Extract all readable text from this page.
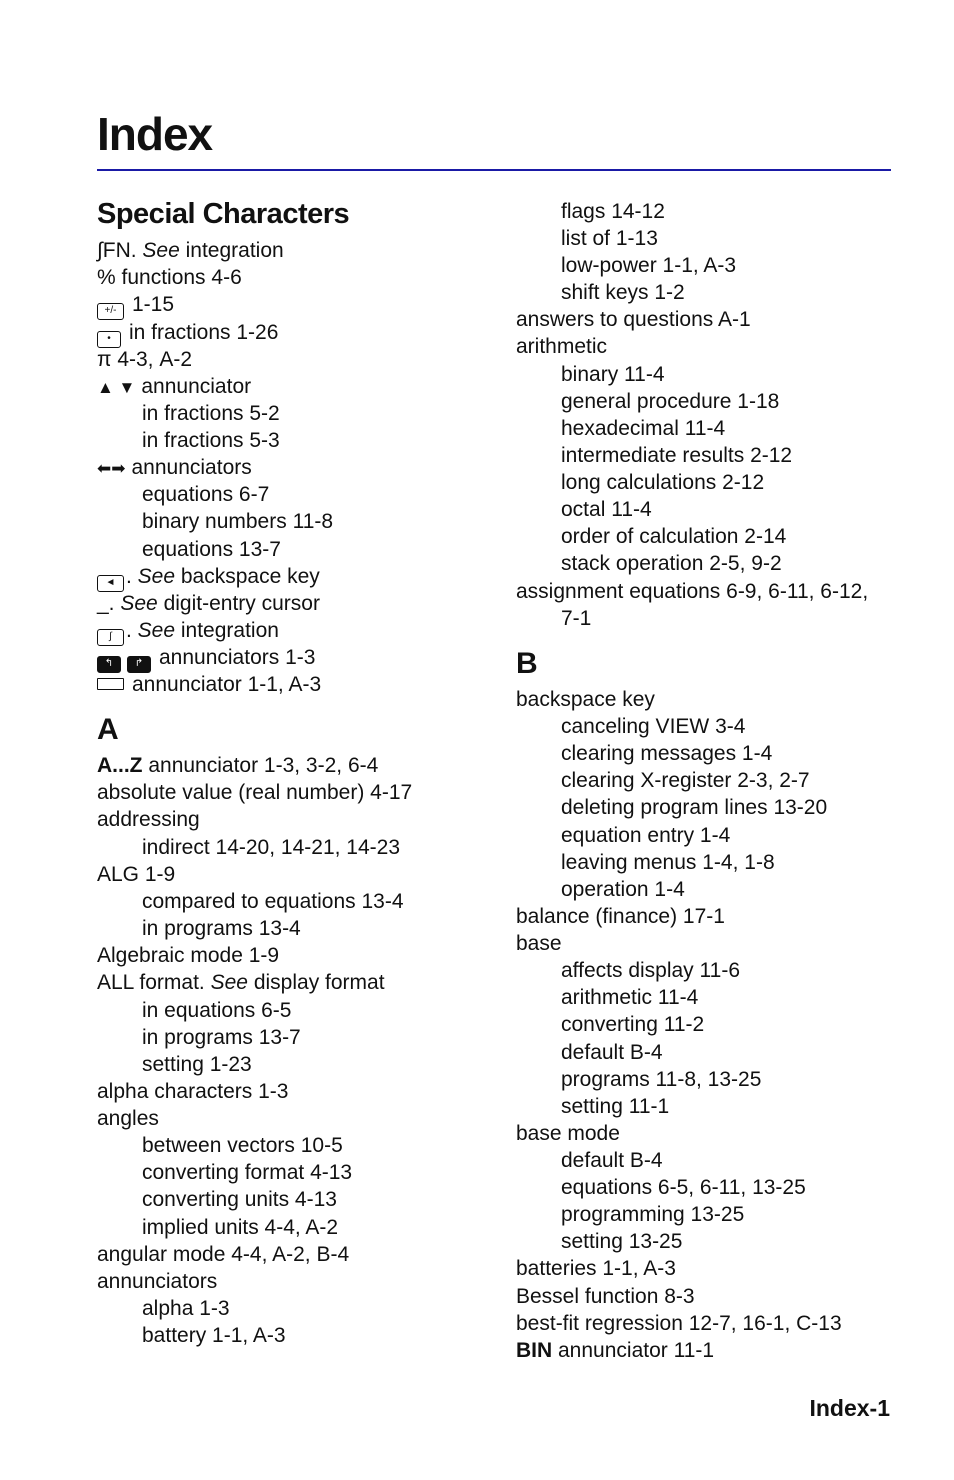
Index
Special Characters
∫FN. See integration
% functions 4-6
+/- 1-15
• in fractions 1-26
π 4-3, A-2
▲ ▼ annunciator
in fractions 5-2
in fractions 5-3
⬅➡ annunciators
equations 6-7
binary numbers 11-8
equations 13-7
◄ . See backspace key
_. See digit-entry cursor
∫ . See integration
↰ ↱ annunciators 1-3
annunciator 1-1, A-3
A
A...Z annunciator 1-3, 3-2, 6-4
absolute value (real number) 4-17
addressing
indirect 14-20, 14-21, 14-23
ALG 1-9
compared to equations 13-4
in programs 13-4
Algebraic mode 1-9
ALL format. See display format
in equations 6-5
in programs 13-7
setting 1-23
alpha characters 1-3
angles
between vectors 10-5
converting format 4-13
converting units 4-13
implied units 4-4, A-2
angular mode 4-4, A-2, B-4
annunciators
alpha 1-3
battery 1-1, A-3
flags 14-12
list of 1-13
low-power 1-1, A-3
shift keys 1-2
answers to questions A-1
arithmetic
binary 11-4
general procedure 1-18
hexadecimal 11-4
intermediate results 2-12
long calculations 2-12
octal 11-4
order of calculation 2-14
stack operation 2-5, 9-2
assignment equations 6-9, 6-11, 6-12,
7-1
B
backspace key
canceling VIEW 3-4
clearing messages 1-4
clearing X-register 2-3, 2-7
deleting program lines 13-20
equation entry 1-4
leaving menus 1-4, 1-8
operation 1-4
balance (finance) 17-1
base
affects display 11-6
arithmetic 11-4
converting 11-2
default B-4
programs 11-8, 13-25
setting 11-1
base mode
default B-4
equations 6-5, 6-11, 13-25
programming 13-25
setting 13-25
batteries 1-1, A-3
Bessel function 8-3
best-fit regression 12-7, 16-1, C-13
BIN annunciator 11-1
Index-1
